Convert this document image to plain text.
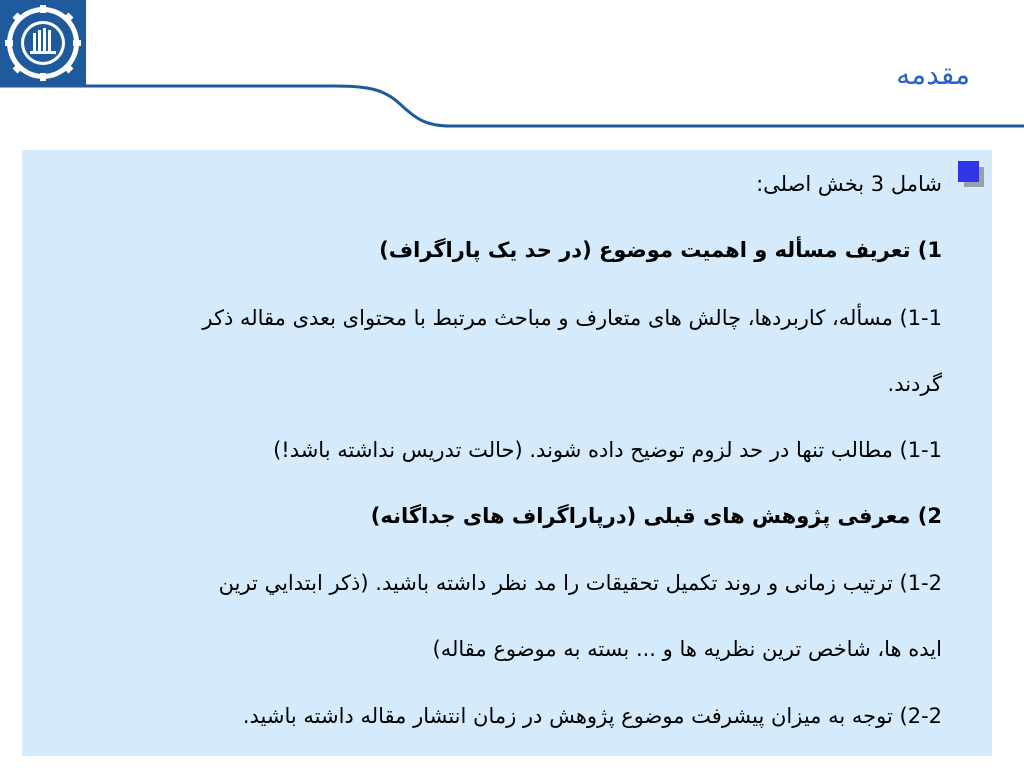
مقدمه
شامل 3 بخش اصلی:
1) تعریف مسأله و اهمیت موضوع (در حد یک پاراگراف)
1-1) مسأله، کاربردها، چالش های متعارف و مباحث مرتبط با محتوای بعدی مقاله ذکر
گردند.
1-1) مطالب تنها در حد لزوم توضیح داده شوند. (حالت تدریس نداشته باشد!)
2) معرفی پژوهش های قبلی (درپاراگراف های جداگانه)
1-2) ترتیب زمانی و روند تکمیل تحقیقات را مد نظر داشته باشید. (ذکر ابتدايي ترين
ایده ها، شاخص ترین نظریه ها و ... بسته به موضوع مقاله)
2-2) توجه به میزان پیشرفت موضوع پژوهش در زمان انتشار مقاله داشته باشید.
